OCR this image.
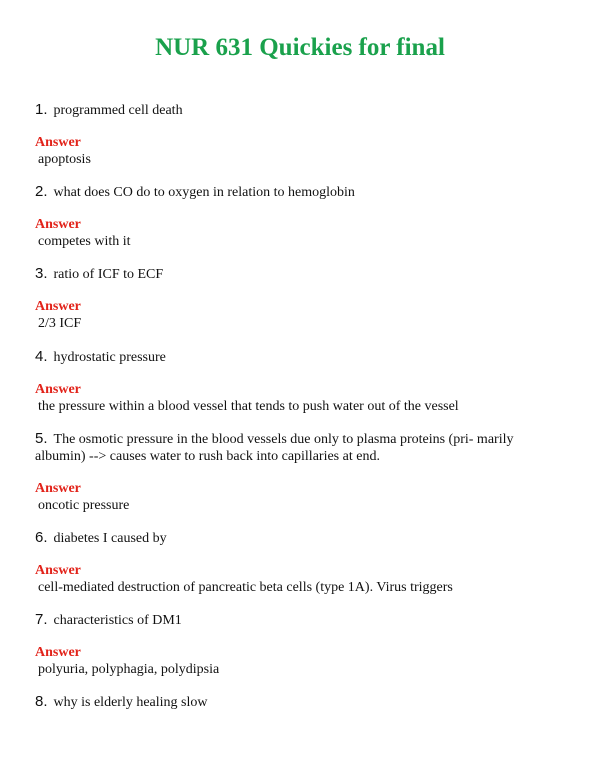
NUR 631 Quickies for final
1. programmed cell death
Answer
apoptosis
2. what does CO do to oxygen in relation to hemoglobin
Answer
competes with it
3. ratio of ICF to ECF
Answer
2/3 ICF
4. hydrostatic pressure
Answer
the pressure within a blood vessel that tends to push water out of the vessel
5. The osmotic pressure in the blood vessels due only to plasma proteins (pri- marily albumin) --> causes water to rush back into capillaries at end.
Answer
oncotic pressure
6. diabetes I caused by
Answer
cell-mediated destruction of pancreatic beta cells (type 1A). Virus triggers
7. characteristics of DM1
Answer
polyuria, polyphagia, polydipsia
8. why is elderly healing slow
